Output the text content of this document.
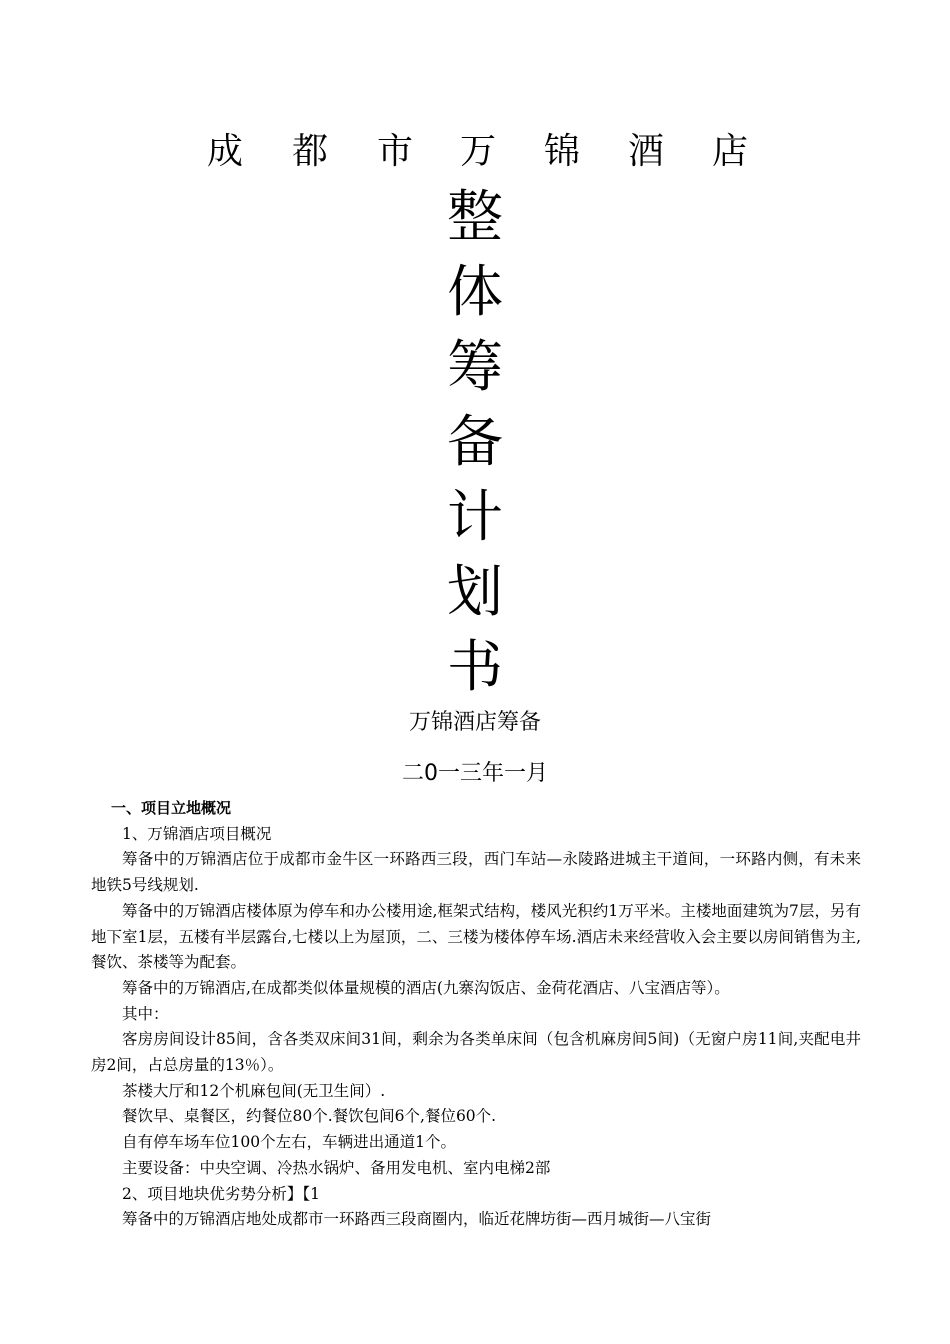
成 都 市 万 锦 酒 店
整
体
筹
备
计
划
书
万锦酒店筹备
二0一三年一月

一、项目立地概况

1、万锦酒店项目概况

筹备中的万锦酒店位于成都市金牛区一环路西三段，西门车站—永陵路进城主干道间，一环路内侧，有未来地铁5号线规划.

筹备中的万锦酒店楼体原为停车和办公楼用途,框架式结构，楼风光积约1万平米。主楼地面建筑为7层，另有地下室1层，五楼有半层露台,七楼以上为屋顶，二、三楼为楼体停车场.酒店未来经营收入会主要以房间销售为主,餐饮、茶楼等为配套。

筹备中的万锦酒店,在成都类似体量规模的酒店(九寨沟饭店、金荷花酒店、八宝酒店等）。

其中：

客房房间设计85间，含各类双床间31间，剩余为各类单床间（包含机麻房间5间)（无窗户房11间,夹配电井房2间，占总房量的13％）。

茶楼大厅和12个机麻包间(无卫生间）.

餐饮早、桌餐区，约餐位80个.餐饮包间6个,餐位60个.

自有停车场车位100个左右，车辆进出通道1个。

主要设备：中央空调、冷热水锅炉、备用发电机、室内电梯2部

2、项目地块优劣势分析】【1

筹备中的万锦酒店地处成都市一环路西三段商圈内，临近花牌坊街—西月城街—八宝街
